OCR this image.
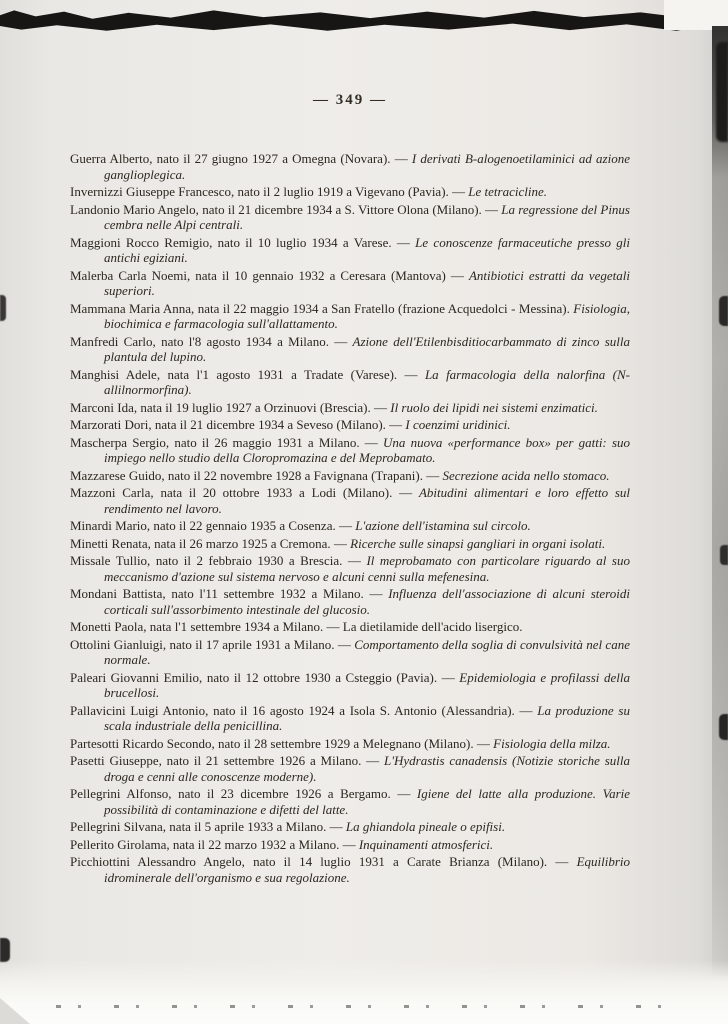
— 349 —

Guerra Alberto, nato il 27 giugno 1927 a Omegna (Novara). — I derivati B-alogenoetilaminici ad azione ganglioplegica.

Invernizzi Giuseppe Francesco, nato il 2 luglio 1919 a Vigevano (Pavia). — Le tetracicline.

Landonio Mario Angelo, nato il 21 dicembre 1934 a S. Vittore Olona (Milano). — La regressione del Pinus cembra nelle Alpi centrali.

Maggioni Rocco Remigio, nato il 10 luglio 1934 a Varese. — Le conoscenze farmaceutiche presso gli antichi egiziani.

Malerba Carla Noemi, nata il 10 gennaio 1932 a Ceresara (Mantova) — Antibiotici estratti da vegetali superiori.

Mammana Maria Anna, nata il 22 maggio 1934 a San Fratello (frazione Acquedolci - Messina). Fisiologia, biochimica e farmacologia sull'allattamento.

Manfredi Carlo, nato l'8 agosto 1934 a Milano. — Azione dell'Etilenbisditiocarbammato di zinco sulla plantula del lupino.

Manghisi Adele, nata l'1 agosto 1931 a Tradate (Varese). — La farmacologia della nalorfina (N-allilnormorfina).

Marconi Ida, nata il 19 luglio 1927 a Orzinuovi (Brescia). — Il ruolo dei lipidi nei sistemi enzimatici.

Marzorati Dori, nata il 21 dicembre 1934 a Seveso (Milano). — I coenzimi uridinici.

Mascherpa Sergio, nato il 26 maggio 1931 a Milano. — Una nuova «performance box» per gatti: suo impiego nello studio della Cloropromazina e del Meprobamato.

Mazzarese Guido, nato il 22 novembre 1928 a Favignana (Trapani). — Secrezione acida nello stomaco.

Mazzoni Carla, nata il 20 ottobre 1933 a Lodi (Milano). — Abitudini alimentari e loro effetto sul rendimento nel lavoro.

Minardi Mario, nato il 22 gennaio 1935 a Cosenza. — L'azione dell'istamina sul circolo.

Minetti Renata, nata il 26 marzo 1925 a Cremona. — Ricerche sulle sinapsi gangliari in organi isolati.

Missale Tullio, nato il 2 febbraio 1930 a Brescia. — Il meprobamato con particolare riguardo al suo meccanismo d'azione sul sistema nervoso e alcuni cenni sulla mefenesina.

Mondani Battista, nato l'11 settembre 1932 a Milano. — Influenza dell'associazione di alcuni steroidi corticali sull'assorbimento intestinale del glucosio.

Monetti Paola, nata l'1 settembre 1934 a Milano. — La dietilamide dell'acido lisergico.

Ottolini Gianluigi, nato il 17 aprile 1931 a Milano. — Comportamento della soglia di convulsività nel cane normale.

Paleari Giovanni Emilio, nato il 12 ottobre 1930 a Csteggio (Pavia). — Epidemiologia e profilassi della brucellosi.

Pallavicini Luigi Antonio, nato il 16 agosto 1924 a Isola S. Antonio (Alessandria). — La produzione su scala industriale della penicillina.

Partesotti Ricardo Secondo, nato il 28 settembre 1929 a Melegnano (Milano). — Fisiologia della milza.

Pasetti Giuseppe, nato il 21 settembre 1926 a Milano. — L'Hydrastis canadensis (Notizie storiche sulla droga e cenni alle conoscenze moderne).

Pellegrini Alfonso, nato il 23 dicembre 1926 a Bergamo. — Igiene del latte alla produzione. Varie possibilità di contaminazione e difetti del latte.

Pellegrini Silvana, nata il 5 aprile 1933 a Milano. — La ghiandola pineale o epifisi.

Pellerito Girolama, nata il 22 marzo 1932 a Milano. — Inquinamenti atmosferici.

Picchiottini Alessandro Angelo, nato il 14 luglio 1931 a Carate Brianza (Milano). — Equilibrio idrominerale dell'organismo e sua regolazione.
